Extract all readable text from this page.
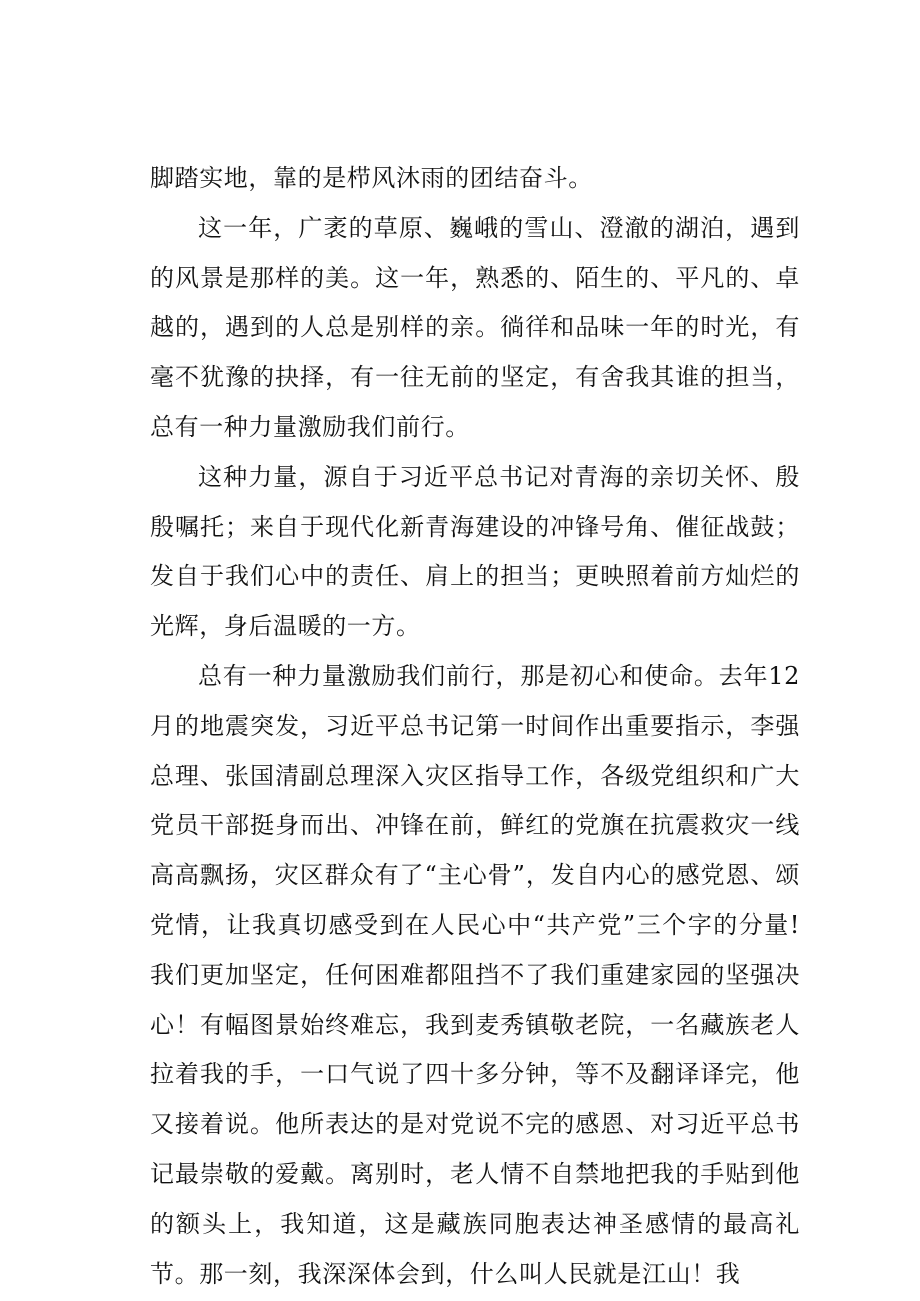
脚踏实地，靠的是栉风沐雨的团结奋斗。

这一年，广袤的草原、巍峨的雪山、澄澈的湖泊，遇到的风景是那样的美。这一年，熟悉的、陌生的、平凡的、卓越的，遇到的人总是别样的亲。徜徉和品味一年的时光，有毫不犹豫的抉择，有一往无前的坚定，有舍我其谁的担当，总有一种力量激励我们前行。

这种力量，源自于习近平总书记对青海的亲切关怀、殷殷嘱托；来自于现代化新青海建设的冲锋号角、催征战鼓；发自于我们心中的责任、肩上的担当；更映照着前方灿烂的光辉，身后温暖的一方。

总有一种力量激励我们前行，那是初心和使命。去年12月的地震突发，习近平总书记第一时间作出重要指示，李强总理、张国清副总理深入灾区指导工作，各级党组织和广大党员干部挺身而出、冲锋在前，鲜红的党旗在抗震救灾一线高高飘扬，灾区群众有了“主心骨”，发自内心的感党恩、颂党情，让我真切感受到在人民心中“共产党”三个字的分量!我们更加坚定，任何困难都阻挡不了我们重建家园的坚强决心！有幅图景始终难忘，我到麦秀镇敬老院，一名藏族老人拉着我的手，一口气说了四十多分钟，等不及翻译译完，他又接着说。他所表达的是对党说不完的感恩、对习近平总书记最崇敬的爱戴。离别时，老人情不自禁地把我的手贴到他的额头上，我知道，这是藏族同胞表达神圣感情的最高礼节。那一刻，我深深体会到，什么叫人民就是江山！我
